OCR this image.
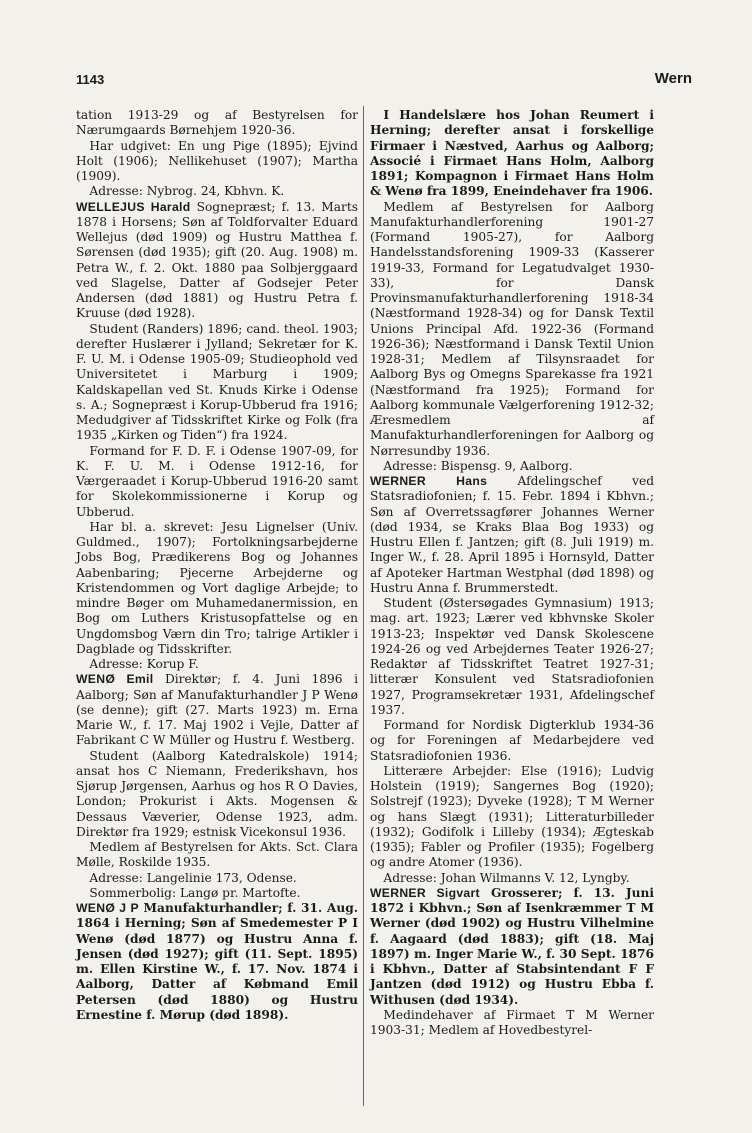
1143	Wern

tation 1913-29 og af Bestyrelsen for Nærumgaards Børnehjem 1920-36.

Har udgivet: En ung Pige (1895); Ejvind Holt (1906); Nellikehuset (1907); Martha (1909).

Adresse: Nybrog. 24, Kbhvn. K.

WELLEJUS Harald Sognepræst; f. 13. Marts 1878 i Horsens; Søn af Toldforvalter Eduard Wellejus (død 1909) og Hustru Matthea f. Sørensen (død 1935); gift (20. Aug. 1908) m. Petra W., f. 2. Okt. 1880 paa Solbjerggaard ved Slagelse, Datter af Godsejer Peter Andersen (død 1881) og Hustru Petra f. Kruuse (død 1928).

Student (Randers) 1896; cand. theol. 1903; derefter Huslærer i Jylland; Sekretær for K. F. U. M. i Odense 1905-09; Studieophold ved Universitetet i Marburg i 1909; Kaldskapellan ved St. Knuds Kirke i Odense s. A.; Sognepræst i Korup-Ubberud fra 1916; Medudgiver af Tidsskriftet Kirke og Folk (fra 1935 „Kirken og Tiden“) fra 1924.

Formand for F. D. F. i Odense 1907-09, for K. F. U. M. i Odense 1912-16, for Værgeraadet i Korup-Ubberud 1916-20 samt for Skolekommissionerne i Korup og Ubberud.

Har bl. a. skrevet: Jesu Lignelser (Univ. Guldmed., 1907); Fortolkningsarbejderne Jobs Bog, Prædikerens Bog og Johannes Aabenbaring; Pjecerne Arbejderne og Kristendommen og Vort daglige Arbejde; to mindre Bøger om Muhamedanermission, en Bog om Luthers Kristusopfattelse og en Ungdomsbog Værn din Tro; talrige Artikler i Dagblade og Tidsskrifter.

Adresse: Korup F.

WENØ Emil Direktør; f. 4. Juni 1896 i Aalborg; Søn af Manufakturhandler J P Wenø (se denne); gift (27. Marts 1923) m. Erna Marie W., f. 17. Maj 1902 i Vejle, Datter af Fabrikant C W Müller og Hustru f. Westberg.

Student (Aalborg Katedralskole) 1914; ansat hos C Niemann, Frederikshavn, hos Sjørup Jørgensen, Aarhus og hos R O Davies, London; Prokurist i Akts. Mogensen & Dessaus Væverier, Odense 1923, adm. Direktør fra 1929; estnisk Vicekonsul 1936.

Medlem af Bestyrelsen for Akts. Sct. Clara Mølle, Roskilde 1935.

Adresse: Langelinie 173, Odense.

Sommerbolig: Langø pr. Martofte.

WENØ J P Manufakturhandler; f. 31. Aug. 1864 i Herning; Søn af Smedemester P I Wenø (død 1877) og Hustru Anna f. Jensen (død 1927); gift (11. Sept. 1895) m. Ellen Kirstine W., f. 17. Nov. 1874 i Aalborg, Datter af Købmand Emil Petersen (død 1880) og Hustru Ernestine f. Mørup (død 1898).

I Handelslære hos Johan Reumert i Herning; derefter ansat i forskellige Firmaer i Næstved, Aarhus og Aalborg; Associé i Firmaet Hans Holm, Aalborg 1891; Kompagnon i Firmaet Hans Holm & Wenø fra 1899, Eneindehaver fra 1906.

Medlem af Bestyrelsen for Aalborg Manufakturhandlerforening 1901-27 (Formand 1905-27), for Aalborg Handelsstandsforening 1909-33 (Kasserer 1919-33, Formand for Legatudvalget 1930-33), for Dansk Provinsmanufakturhandlerforening 1918-34 (Næstformand 1928-34) og for Dansk Textil Unions Principal Afd. 1922-36 (Formand 1926-36); Næstformand i Dansk Textil Union 1928-31; Medlem af Tilsynsraadet for Aalborg Bys og Omegns Sparekasse fra 1921 (Næstformand fra 1925); Formand for Aalborg kommunale Vælgerforening 1912-32; Æresmedlem af Manufakturhandlerforeningen for Aalborg og Nørresundby 1936.

Adresse: Bispensg. 9, Aalborg.

WERNER Hans Afdelingschef ved Statsradiofonien; f. 15. Febr. 1894 i Kbhvn.; Søn af Overretssagfører Johannes Werner (død 1934, se Kraks Blaa Bog 1933) og Hustru Ellen f. Jantzen; gift (8. Juli 1919) m. Inger W., f. 28. April 1895 i Hornsyld, Datter af Apoteker Hartman Westphal (død 1898) og Hustru Anna f. Brummerstedt.

Student (Østersøgades Gymnasium) 1913; mag. art. 1923; Lærer ved kbhvnske Skoler 1913-23; Inspektør ved Dansk Skolescene 1924-26 og ved Arbejdernes Teater 1926-27; Redaktør af Tidsskriftet Teatret 1927-31; litterær Konsulent ved Statsradiofonien 1927, Programsekretær 1931, Afdelingschef 1937.

Formand for Nordisk Digterklub 1934-36 og for Foreningen af Medarbejdere ved Statsradiofonien 1936.

Litterære Arbejder: Else (1916); Ludvig Holstein (1919); Sangernes Bog (1920); Solstrejf (1923); Dyveke (1928); T M Werner og hans Slægt (1931); Litteraturbilleder (1932); Godifolk i Lilleby (1934); Ægteskab (1935); Fabler og Profiler (1935); Fogelberg og andre Atomer (1936).

Adresse: Johan Wilmanns V. 12, Lyngby.

WERNER Sigvart Grosserer; f. 13. Juni 1872 i Kbhvn.; Søn af Isenkræmmer T M Werner (død 1902) og Hustru Vilhelmine f. Aagaard (død 1883); gift (18. Maj 1897) m. Inger Marie W., f. 30 Sept. 1876 i Kbhvn., Datter af Stabsintendant F F Jantzen (død 1912) og Hustru Ebba f. Withusen (død 1934).

Medindehaver af Firmaet T M Werner 1903-31; Medlem af Hovedbestyrel-
